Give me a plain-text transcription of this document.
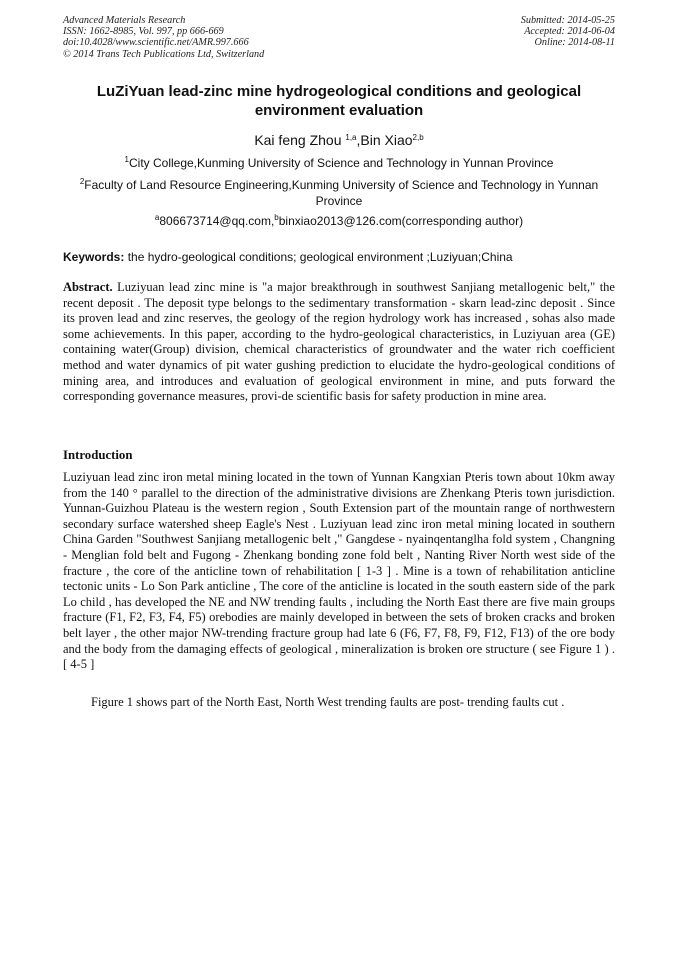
Advanced Materials Research
ISSN: 1662-8985, Vol. 997, pp 666-669
doi:10.4028/www.scientific.net/AMR.997.666
© 2014 Trans Tech Publications Ltd, Switzerland
Submitted: 2014-05-25
Accepted: 2014-06-04
Online: 2014-08-11
LuZiYuan lead-zinc mine hydrogeological conditions and geological
environment evaluation
Kai feng Zhou $^{1,a}$,Bin Xiao$^{2,b}$
$^1$City College,Kunming University of Science and Technology in Yunnan Province
$^2$Faculty of Land Resource Engineering,Kunming University of Science and Technology in Yunnan Province
$^a$806673714@qq.com,$^b$binxiao2013@126.com(corresponding author)
Keywords: the hydro-geological conditions; geological environment ;Luziyuan;China
Abstract. Luziyuan lead zinc mine is "a major breakthrough in southwest Sanjiang metallogenic belt," the recent deposit . The deposit type belongs to the sedimentary transformation - skarn lead-zinc deposit . Since its proven lead and zinc reserves, the geology of the region hydrology work has increased , sohas also made some achievements. In this paper, according to the hydro-geological characteristics, in Luziyuan area (GE) containing water(Group) division, chemical characteristics of groundwater and the water rich coefficient method and water dynamics of pit water gushing prediction to elucidate the hydro-geological conditions of mining area, and introduces and evaluation of geological environment in mine, and puts forward the corresponding governance measures, provi-de scientific basis for safety production in mine area.
Introduction

Luziyuan lead zinc iron metal mining located in the town of Yunnan Kangxian Pteris town about 10km away from the 140 ° parallel to the direction of the administrative divisions are Zhenkang Pteris town jurisdiction. Yunnan-Guizhou Plateau is the western region , South Extension part of the mountain range of northwestern secondary surface watershed sheep Eagle's Nest . Luziyuan lead zinc iron metal mining located in southern China Garden "Southwest Sanjiang metallogenic belt ," Gangdese - nyainqentanglha fold system , Changning - Menglian fold belt and Fugong - Zhenkang bonding zone fold belt , Nanting River North west side of the fracture , the core of the anticline town of rehabilitation [ 1-3 ] . Mine is a town of rehabilitation anticline tectonic units - Lo Son Park anticline , The core of the anticline is located in the south eastern side of the park Lo child , has developed the NE and NW trending faults , including the North East there are five main groups fracture (F1, F2, F3, F4, F5) orebodies are mainly developed in between the sets of broken cracks and broken belt layer , the other major NW-trending fracture group had late 6 (F6, F7, F8, F9, F12, F13) of the ore body and the body from the damaging effects of geological , mineralization is broken ore structure ( see Figure 1 ) . [ 4-5 ]

Figure 1 shows part of the North East, North West trending faults are post- trending faults cut .
